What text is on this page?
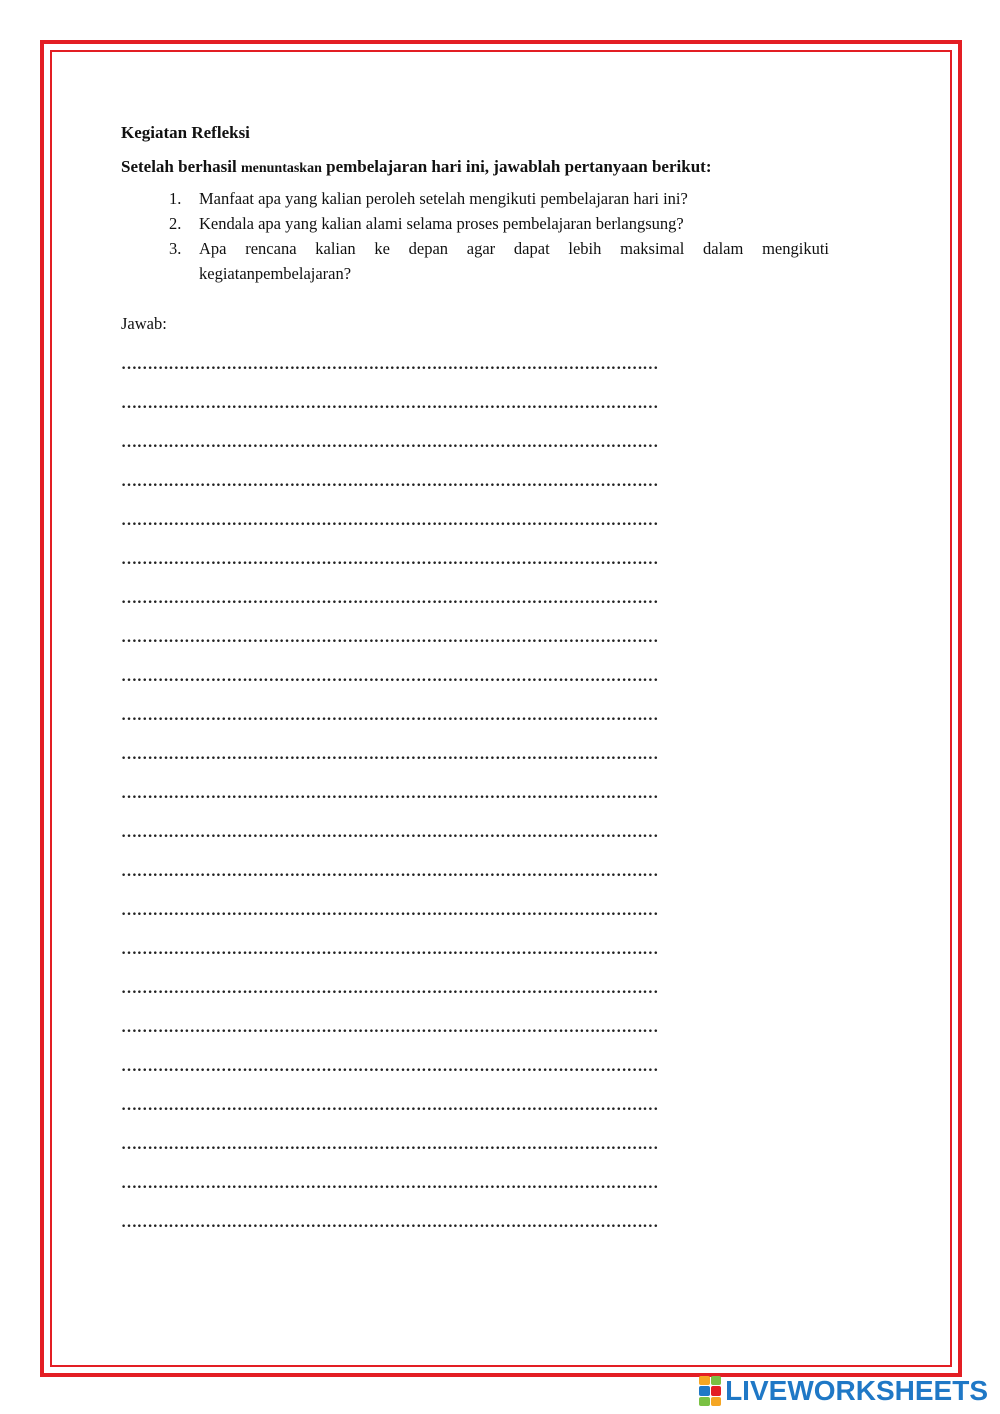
Kegiatan Refleksi

Setelah berhasil menuntaskan pembelajaran hari ini, jawablah pertanyaan berikut:

1. Manfaat apa yang kalian peroleh setelah mengikuti pembelajaran hari ini?
2. Kendala apa yang kalian alami selama proses pembelajaran berlangsung?
3. Apa rencana kalian ke depan agar dapat lebih maksimal dalam mengikuti
kegiatanpembelajaran?

Jawab:

…………………………………………………………………………………………
…………………………………………………………………………………………
…………………………………………………………………………………………
…………………………………………………………………………………………
…………………………………………………………………………………………
…………………………………………………………………………………………
…………………………………………………………………………………………
…………………………………………………………………………………………
…………………………………………………………………………………………
…………………………………………………………………………………………
…………………………………………………………………………………………
…………………………………………………………………………………………
…………………………………………………………………………………………
…………………………………………………………………………………………
…………………………………………………………………………………………
…………………………………………………………………………………………
…………………………………………………………………………………………
…………………………………………………………………………………………
…………………………………………………………………………………………
…………………………………………………………………………………………
…………………………………………………………………………………………
…………………………………………………………………………………………
…………………………………………………………………………………………
LIVEWORKSHEETS
